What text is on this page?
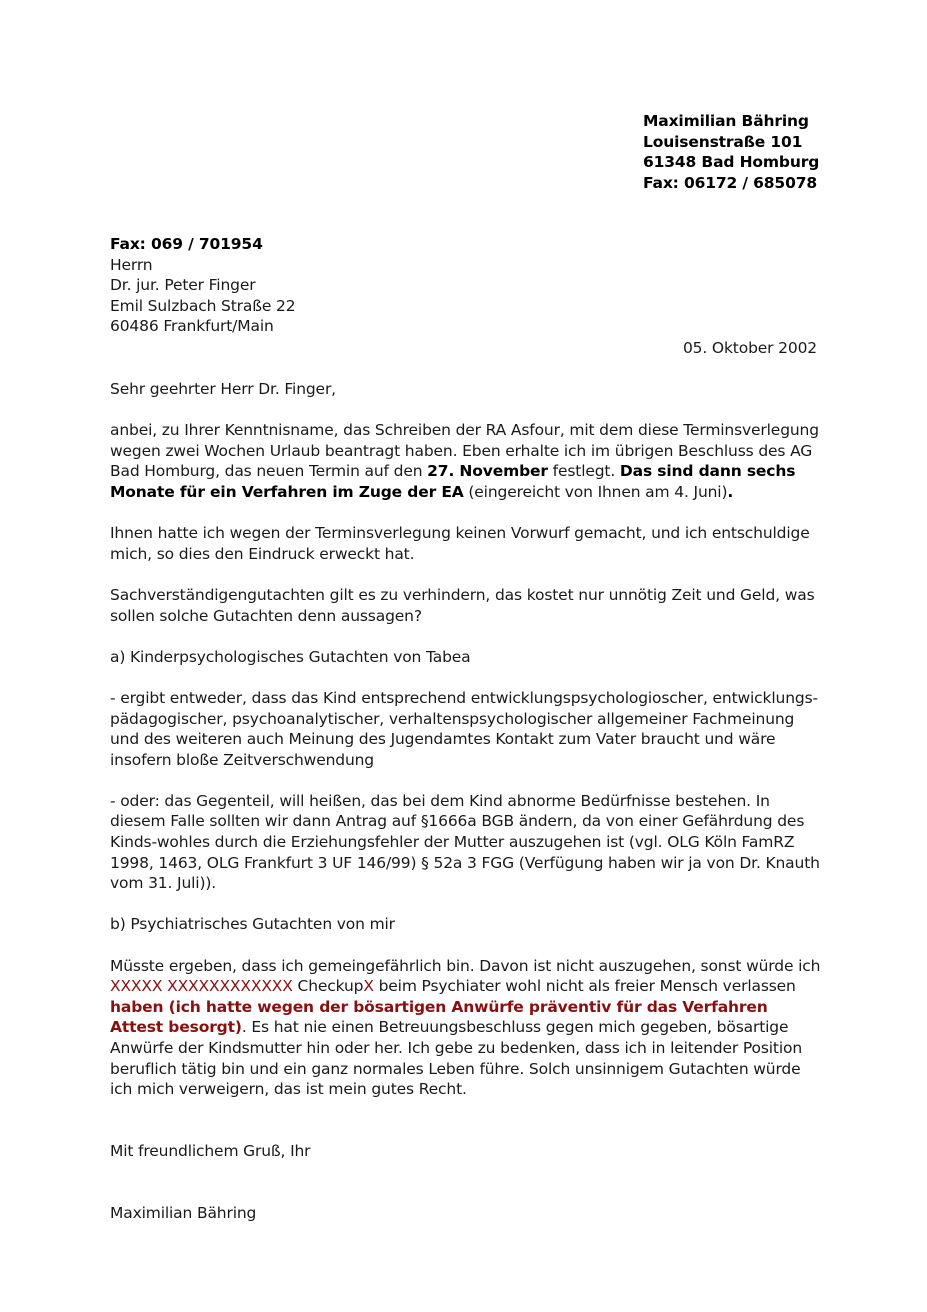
Maximilian Bähring
Louisenstraße 101
61348 Bad Homburg
Fax: 06172 / 685078
Fax: 069 / 701954
Herrn
Dr. jur. Peter Finger
Emil Sulzbach Straße 22
60486 Frankfurt/Main
05. Oktober 2002

Sehr geehrter Herr Dr. Finger,

anbei, zu Ihrer Kenntnisname, das Schreiben der RA Asfour, mit dem diese Terminsverlegung wegen zwei Wochen Urlaub beantragt haben. Eben erhalte ich im übrigen Beschluss des AG Bad Homburg, das neuen Termin auf den 27. November festlegt. Das sind dann sechs Monate für ein Verfahren im Zuge der EA (eingereicht von Ihnen am 4. Juni).

Ihnen hatte ich wegen der Terminsverlegung keinen Vorwurf gemacht, und ich entschuldige mich, so dies den Eindruck erweckt hat.

Sachverständigengutachten gilt es zu verhindern, das kostet nur unnötig Zeit und Geld, was sollen solche Gutachten denn aussagen?

a) Kinderpsychologisches Gutachten von Tabea

- ergibt entweder, dass das Kind entsprechend entwicklungspsychologioscher, entwicklungs-pädagogischer, psychoanalytischer, verhaltenspsychologischer allgemeiner Fachmeinung und des weiteren auch Meinung des Jugendamtes Kontakt zum Vater braucht und wäre insofern bloße Zeitverschwendung

- oder: das Gegenteil, will heißen, das bei dem Kind abnorme Bedürfnisse bestehen. In diesem Falle sollten wir dann Antrag auf §1666a BGB ändern, da von einer Gefährdung des Kinds-wohles durch die Erziehungsfehler der Mutter auszugehen ist (vgl. OLG Köln FamRZ 1998, 1463, OLG Frankfurt 3 UF 146/99) § 52a 3 FGG (Verfügung haben wir ja von Dr. Knauth vom 31. Juli)).

b) Psychiatrisches Gutachten von mir

Müsste ergeben, dass ich gemeingefährlich bin. Davon ist nicht auszugehen, sonst würde ich XXXXX XXXXXXXXXXXX CheckupX beim Psychiater wohl nicht als freier Mensch verlassen haben (ich hatte wegen der bösartigen Anwürfe präventiv für das Verfahren Attest besorgt). Es hat nie einen Betreuungsbeschluss gegen mich gegeben, bösartige Anwürfe der Kindsmutter hin oder her. Ich gebe zu bedenken, dass ich in leitender Position beruflich tätig bin und ein ganz normales Leben führe. Solch unsinnigem Gutachten würde ich mich verweigern, das ist mein gutes Recht.

Mit freundlichem Gruß, Ihr

Maximilian Bähring
